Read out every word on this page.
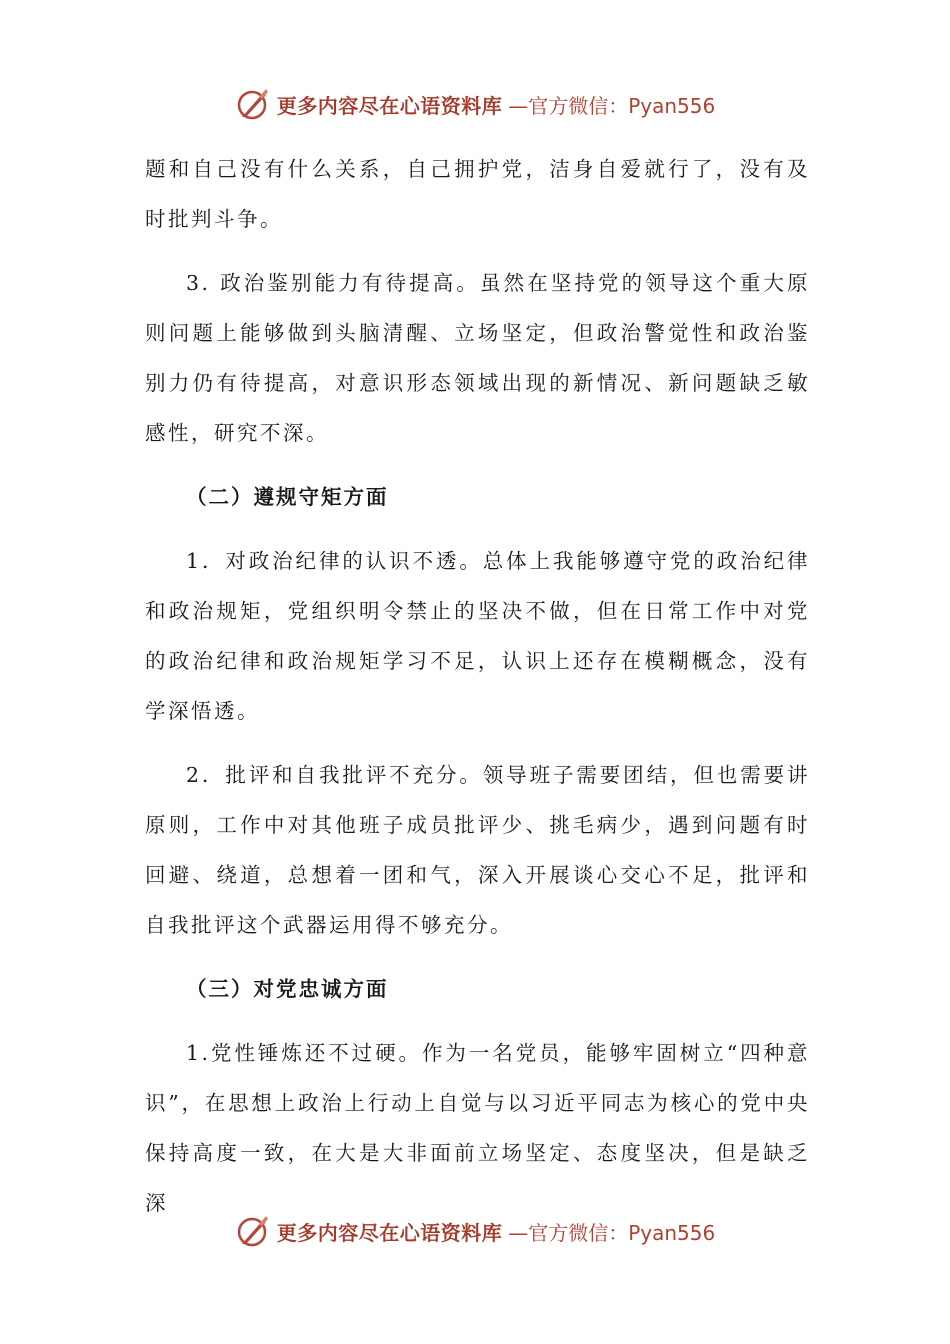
更多内容尽在心语资料库 —官方微信：Pyan556

题和自己没有什么关系，自己拥护党，洁身自爱就行了，没有及时批判斗争。

3. 政治鉴别能力有待提高。虽然在坚持党的领导这个重大原则问题上能够做到头脑清醒、立场坚定，但政治警觉性和政治鉴别力仍有待提高，对意识形态领域出现的新情况、新问题缺乏敏感性，研究不深。

（二）遵规守矩方面

1．对政治纪律的认识不透。总体上我能够遵守党的政治纪律和政治规矩，党组织明令禁止的坚决不做，但在日常工作中对党的政治纪律和政治规矩学习不足，认识上还存在模糊概念，没有学深悟透。

2．批评和自我批评不充分。领导班子需要团结，但也需要讲原则，工作中对其他班子成员批评少、挑毛病少，遇到问题有时回避、绕道，总想着一团和气，深入开展谈心交心不足，批评和自我批评这个武器运用得不够充分。

（三）对党忠诚方面

1.党性锤炼还不过硬。作为一名党员，能够牢固树立“四种意识”，在思想上政治上行动上自觉与以习近平同志为核心的党中央保持高度一致，在大是大非面前立场坚定、态度坚决，但是缺乏深

更多内容尽在心语资料库 —官方微信：Pyan556
